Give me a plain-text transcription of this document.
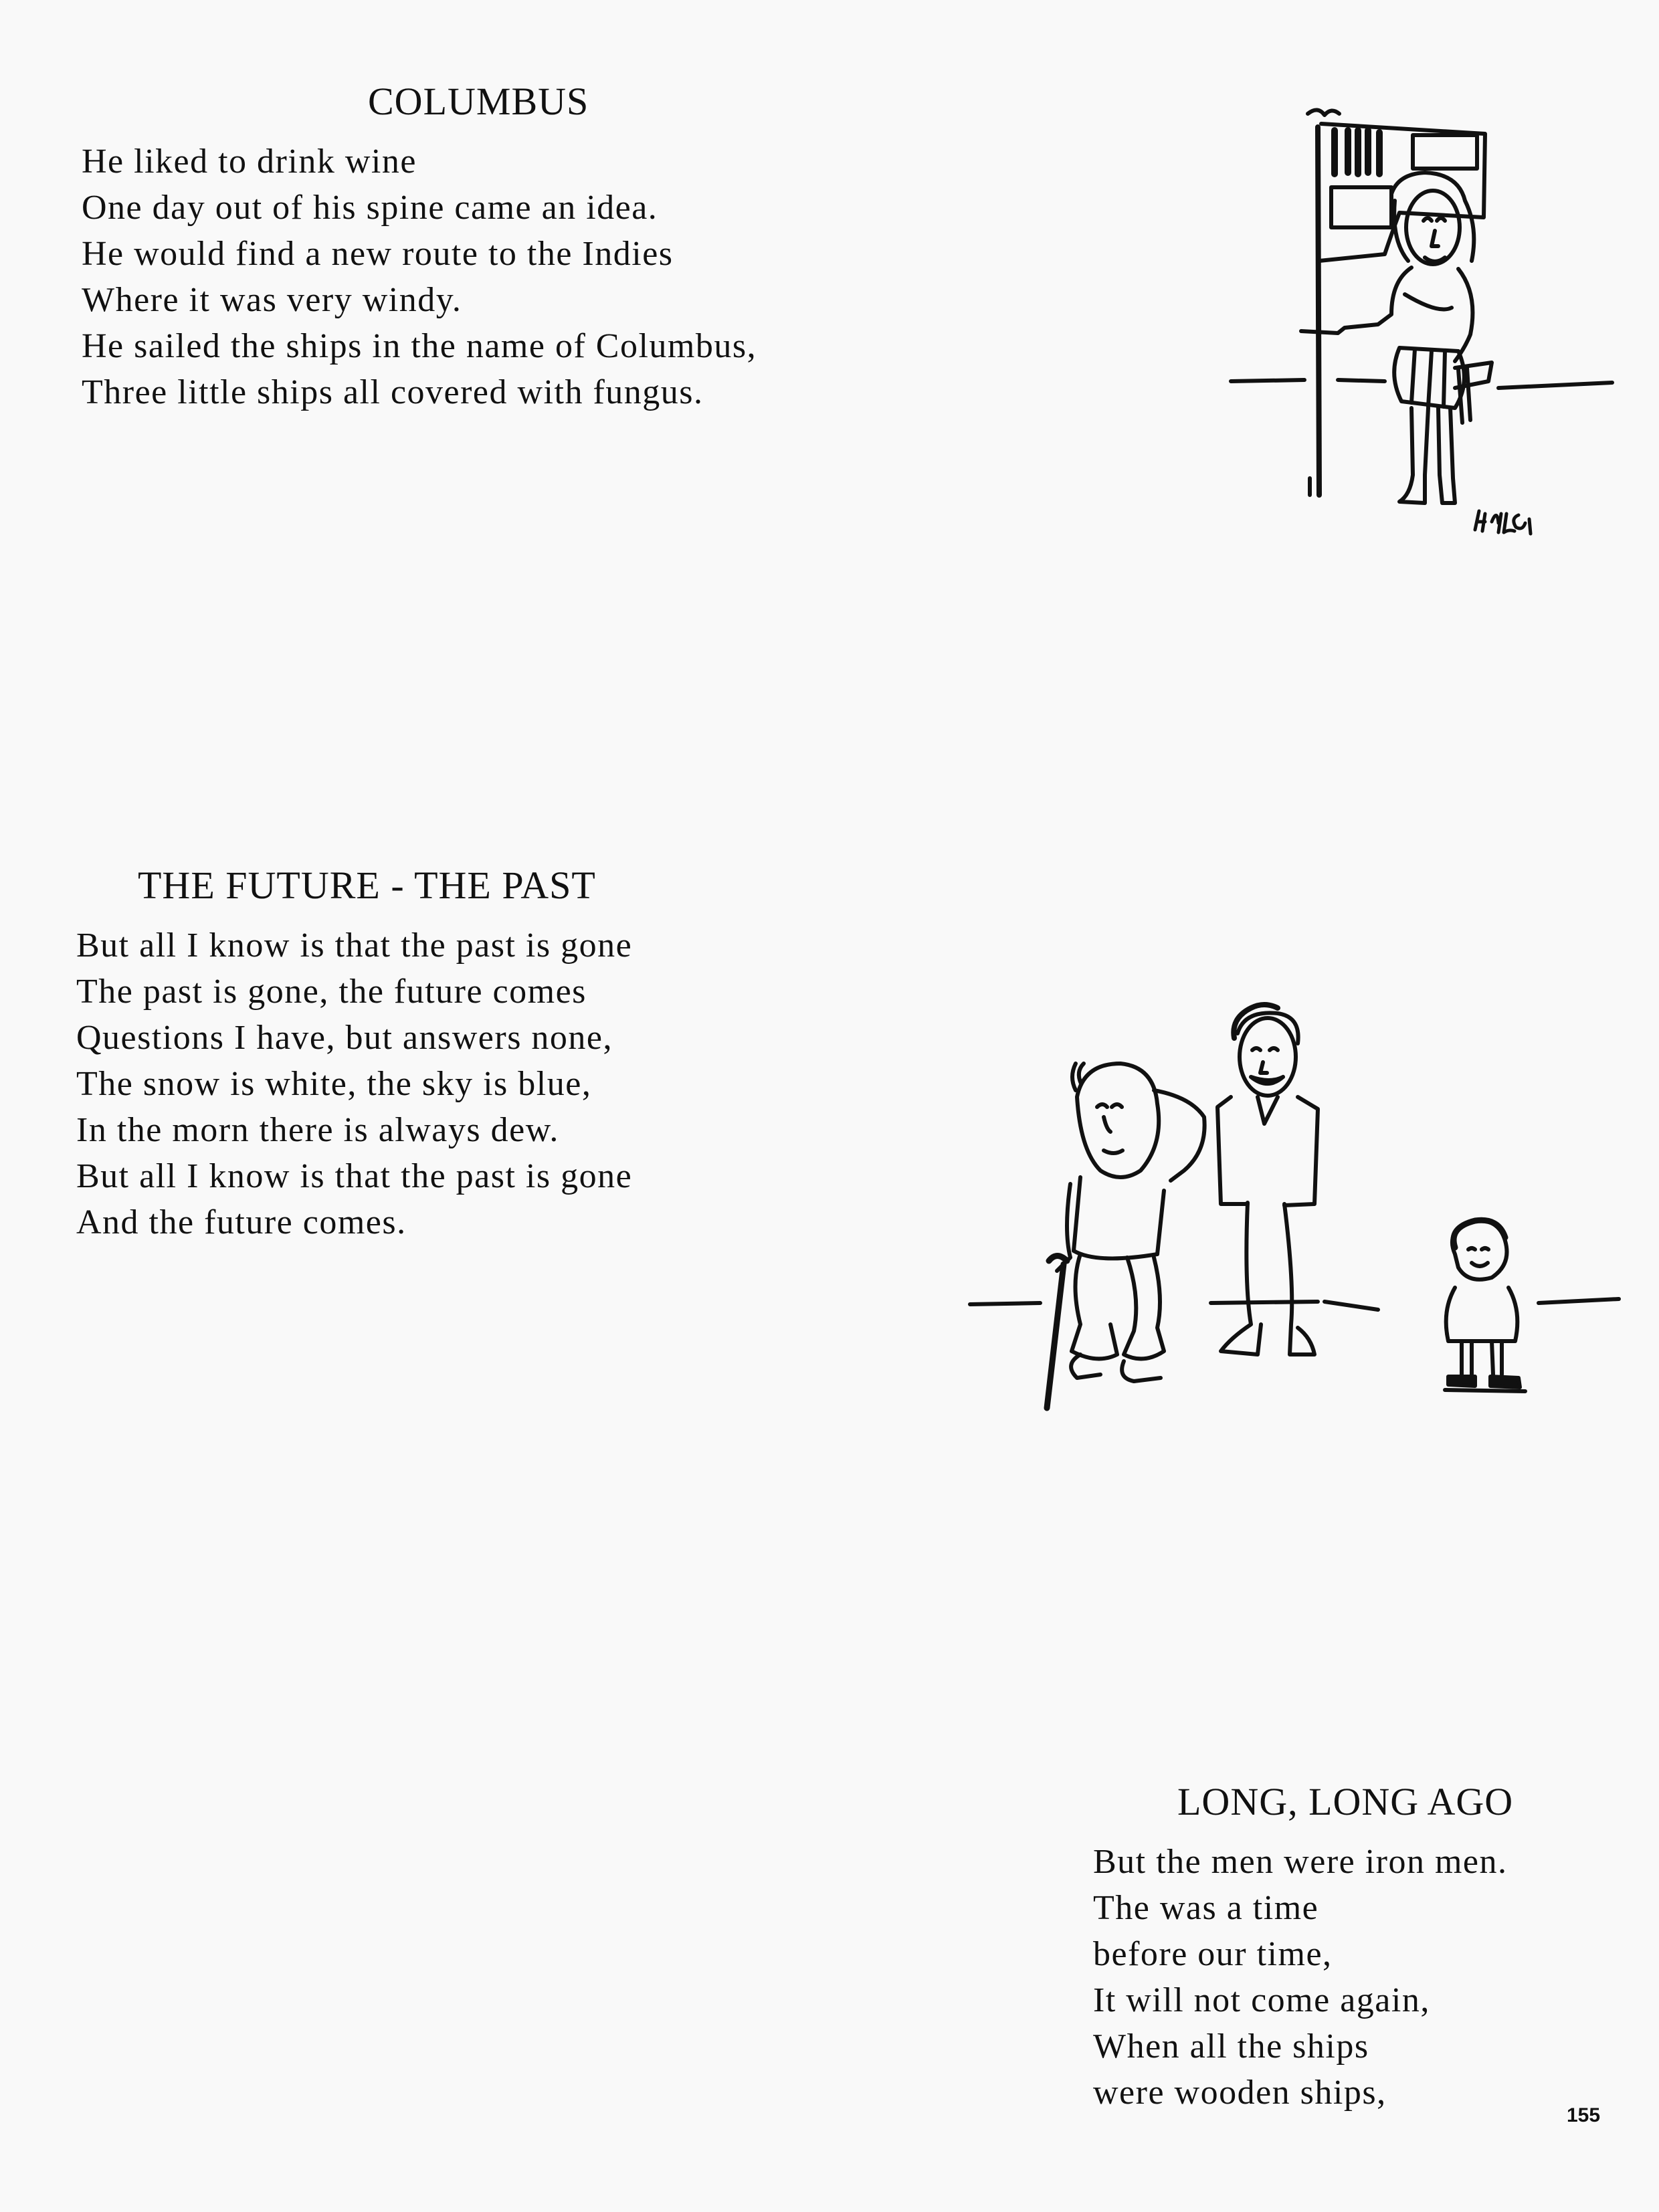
COLUMBUS
He liked to drink wine
One day out of his spine came an idea.
He would find a new route to the Indies
Where it was very windy.
He sailed the ships in the name of Columbus,
Three little ships all covered with fungus.
THE FUTURE - THE PAST
But all I know is that the past is gone
The past is gone, the future comes
Questions I have, but answers none,
The snow is white, the sky is blue,
In the morn there is always dew.
But all I know is that the past is gone
And the future comes.
LONG, LONG AGO
But the men were iron men.
The was a time
before our time,
It will not come again,
When all the ships
were wooden ships,
155
